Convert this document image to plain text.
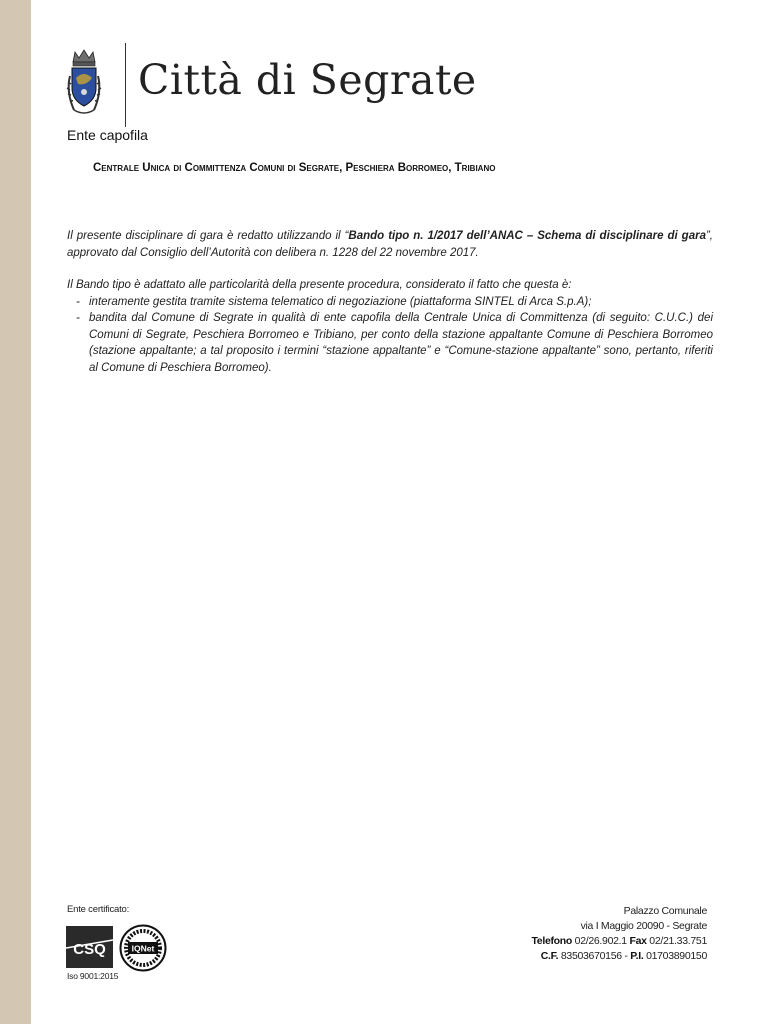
Città di Segrate
Ente capofila
Centrale Unica di Committenza Comuni di Segrate, Peschiera Borromeo, Tribiano
Il presente disciplinare di gara è redatto utilizzando il “Bando tipo n. 1/2017 dell’ANAC – Schema di disciplinare di gara”, approvato dal Consiglio dell’Autorità con delibera n. 1228 del 22 novembre 2017.
Il Bando tipo è adattato alle particolarità della presente procedura, considerato il fatto che questa è:
- interamente gestita tramite sistema telematico di negoziazione (piattaforma SINTEL di Arca S.p.A);
- bandita dal Comune di Segrate in qualità di ente capofila della Centrale Unica di Committenza (di seguito: C.U.C.) dei Comuni di Segrate, Peschiera Borromeo e Tribiano, per conto della stazione appaltante Comune di Peschiera Borromeo (stazione appaltante; a tal proposito i termini “stazione appaltante” e “Comune-stazione appaltante” sono, pertanto, riferiti al Comune di Peschiera Borromeo).
Ente certificato:
CSQ	IQNet
Iso 9001:2015
Palazzo Comunale
via I Maggio 20090 - Segrate
Telefono 02/26.902.1 Fax 02/21.33.751
C.F. 83503670156 - P.I. 01703890150
